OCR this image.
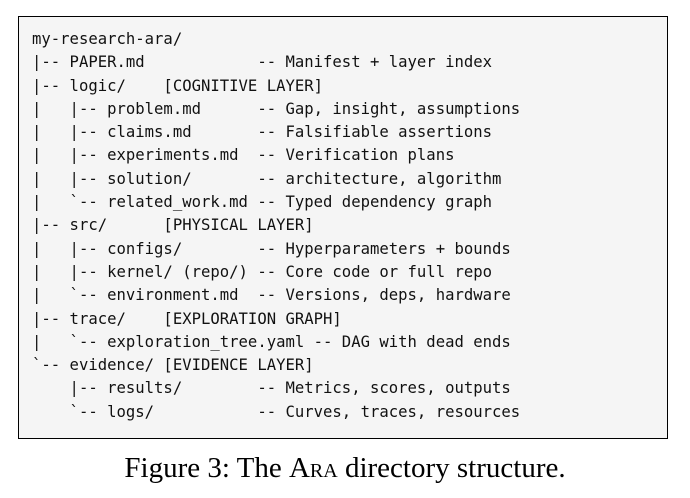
my-research-ara/
|-- PAPER.md            -- Manifest + layer index
|-- logic/    [COGNITIVE LAYER]
|   |-- problem.md      -- Gap, insight, assumptions
|   |-- claims.md       -- Falsifiable assertions
|   |-- experiments.md  -- Verification plans
|   |-- solution/       -- architecture, algorithm
|   `-- related_work.md -- Typed dependency graph
|-- src/      [PHYSICAL LAYER]
|   |-- configs/        -- Hyperparameters + bounds
|   |-- kernel/ (repo/) -- Core code or full repo
|   `-- environment.md  -- Versions, deps, hardware
|-- trace/    [EXPLORATION GRAPH]
|   `-- exploration_tree.yaml -- DAG with dead ends
`-- evidence/ [EVIDENCE LAYER]
|-- results/        -- Metrics, scores, outputs
`-- logs/           -- Curves, traces, resources
Figure 3: The Ara directory structure.
